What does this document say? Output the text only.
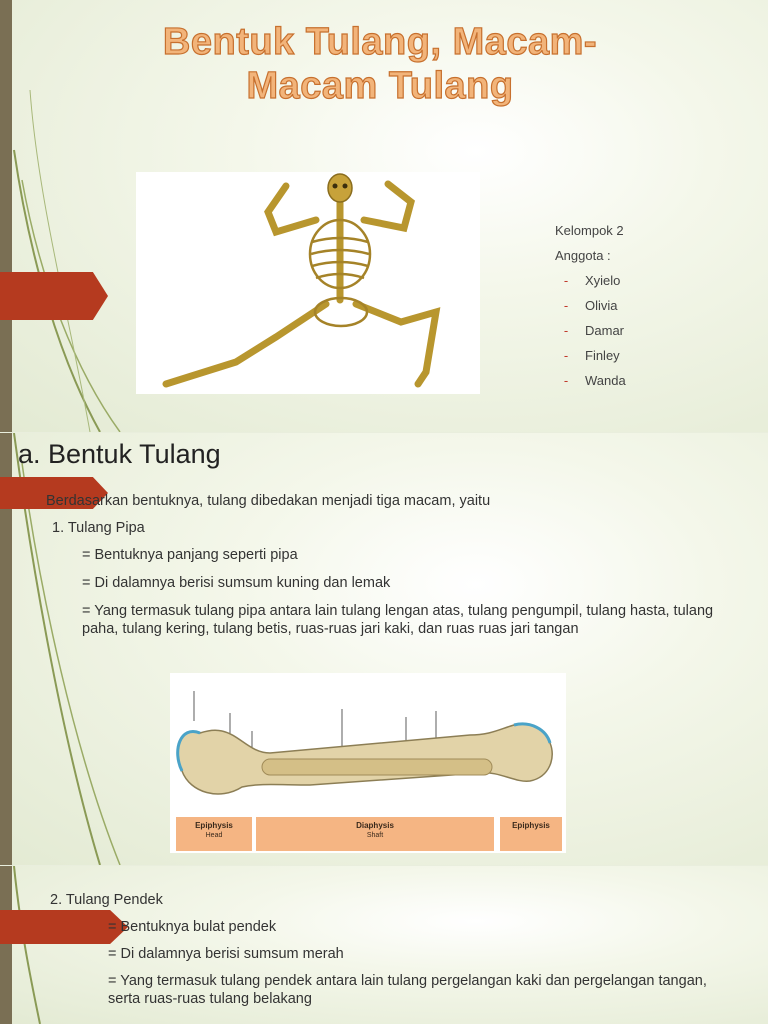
Bentuk Tulang, Macam-
Macam Tulang
Kelompok 2
Anggota :
- Xyielo
- Olivia
- Damar
- Finley
- Wanda
a. Bentuk Tulang
Berdasarkan bentuknya, tulang dibedakan menjadi tiga macam, yaitu
1. Tulang Pipa
= Bentuknya panjang seperti pipa
= Di dalamnya berisi sumsum kuning dan lemak
= Yang termasuk tulang pipa antara lain tulang lengan atas, tulang pengumpil, tulang hasta, tulang paha, tulang kering, tulang betis, ruas-ruas jari kaki, dan ruas ruas jari tangan
Epiphysis
Head
Diaphysis
Shaft
Epiphysis
2. Tulang Pendek
= Bentuknya bulat pendek
= Di dalamnya berisi sumsum merah
= Yang termasuk tulang pendek antara lain tulang pergelangan kaki dan pergelangan tangan, serta ruas-ruas tulang belakang
